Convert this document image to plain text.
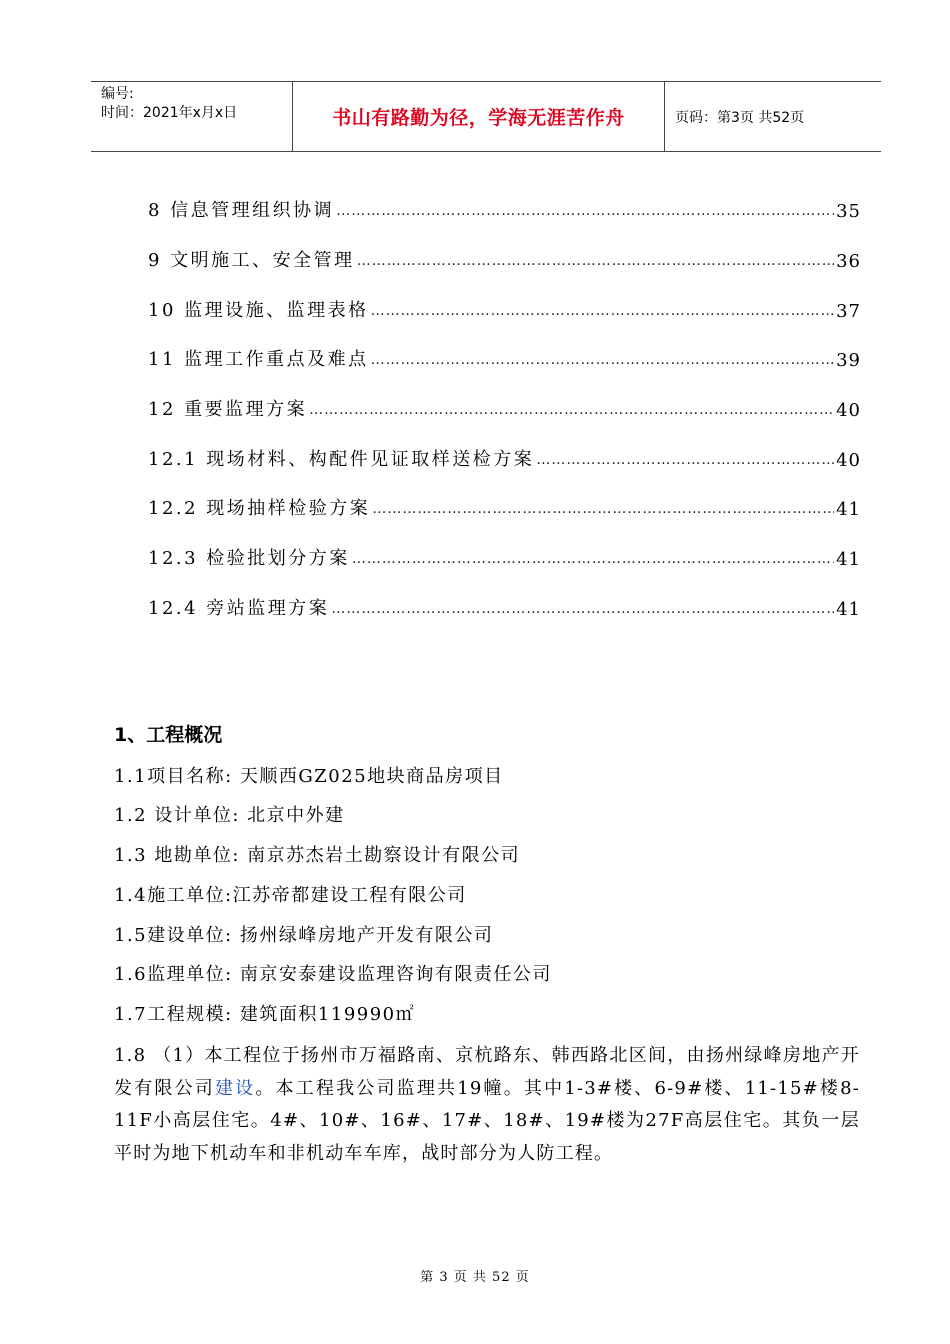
编号:
时间：2021年x月x日	书山有路勤为径，学海无涯苦作舟	页码：第3页 共52页
8 信息管理组织协调 …………………………………………………………………………………………………………………………………………………………………………	35
9 文明施工、安全管理 …………………………………………………………………………………………………………………………………………………………………………	36
10 监理设施、监理表格 …………………………………………………………………………………………………………………………………………………………………………	37
11 监理工作重点及难点 …………………………………………………………………………………………………………………………………………………………………………	39
12 重要监理方案 …………………………………………………………………………………………………………………………………………………………………………	40
12.1 现场材料、构配件见证取样送检方案 …………………………………………………………………………………………………………………………………………………………………………	40
12.2 现场抽样检验方案 …………………………………………………………………………………………………………………………………………………………………………	41
12.3 检验批划分方案 …………………………………………………………………………………………………………………………………………………………………………	41
12.4 旁站监理方案 …………………………………………………………………………………………………………………………………………………………………………	41
1、工程概况
1.1项目名称: 天顺西GZ025地块商品房项目
1.2 设计单位: 北京中外建
1.3 地勘单位: 南京苏杰岩土勘察设计有限公司
1.4施工单位:江苏帝都建设工程有限公司
1.5建设单位: 扬州绿峰房地产开发有限公司
1.6监理单位: 南京安泰建设监理咨询有限责任公司
1.7工程规模: 建筑面积119990㎡
1.8 （1）本工程位于扬州市万福路南、京杭路东、韩西路北区间，由扬州绿峰房地产开发有限公司建设。本工程我公司监理共19幢。其中1-3#楼、6-9#楼、11-15#楼8-11F小高层住宅。4#、10#、16#、17#、18#、19#楼为27F高层住宅。其负一层平时为地下机动车和非机动车车库，战时部分为人防工程。
第 3 页 共 52 页
